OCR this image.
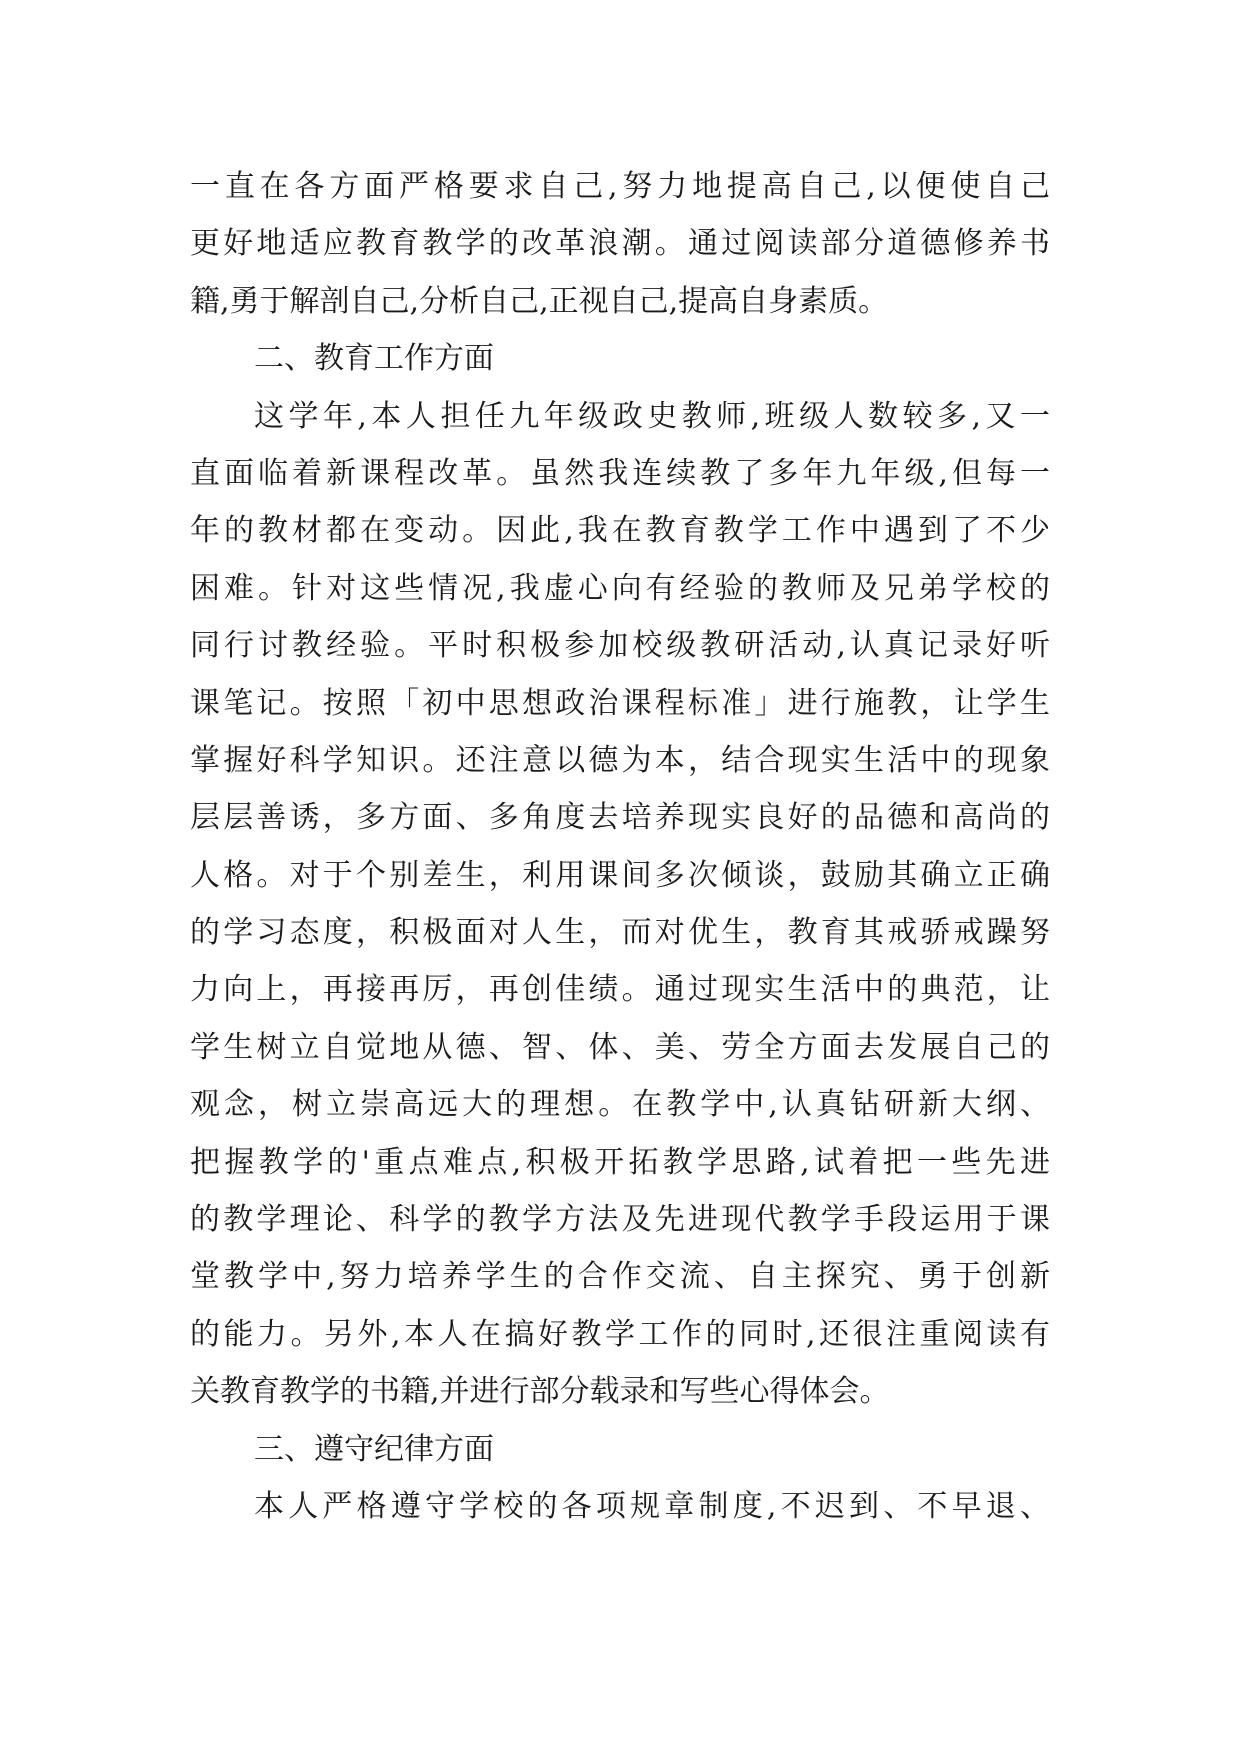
一直在各方面严格要求自己,努力地提高自己,以便使自己
更好地适应教育教学的改革浪潮。通过阅读部分道德修养书
籍,勇于解剖自己,分析自己,正视自己,提高自身素质。
二、教育工作方面
这学年,本人担任九年级政史教师,班级人数较多,又一
直面临着新课程改革。虽然我连续教了多年九年级,但每一
年的教材都在变动。因此,我在教育教学工作中遇到了不少
困难。针对这些情况,我虚心向有经验的教师及兄弟学校的
同行讨教经验。平时积极参加校级教研活动,认真记录好听
课笔记。按照「初中思想政治课程标准」进行施教，让学生
掌握好科学知识。还注意以德为本，结合现实生活中的现象
层层善诱，多方面、多角度去培养现实良好的品德和高尚的
人格。对于个别差生，利用课间多次倾谈，鼓励其确立正确
的学习态度，积极面对人生，而对优生，教育其戒骄戒躁努
力向上，再接再厉，再创佳绩。通过现实生活中的典范，让
学生树立自觉地从德、智、体、美、劳全方面去发展自己的
观念，树立崇高远大的理想。在教学中,认真钻研新大纲、
把握教学的'重点难点,积极开拓教学思路,试着把一些先进
的教学理论、科学的教学方法及先进现代教学手段运用于课
堂教学中,努力培养学生的合作交流、自主探究、勇于创新
的能力。另外,本人在搞好教学工作的同时,还很注重阅读有
关教育教学的书籍,并进行部分载录和写些心得体会。
三、遵守纪律方面
本人严格遵守学校的各项规章制度,不迟到、不早退、
